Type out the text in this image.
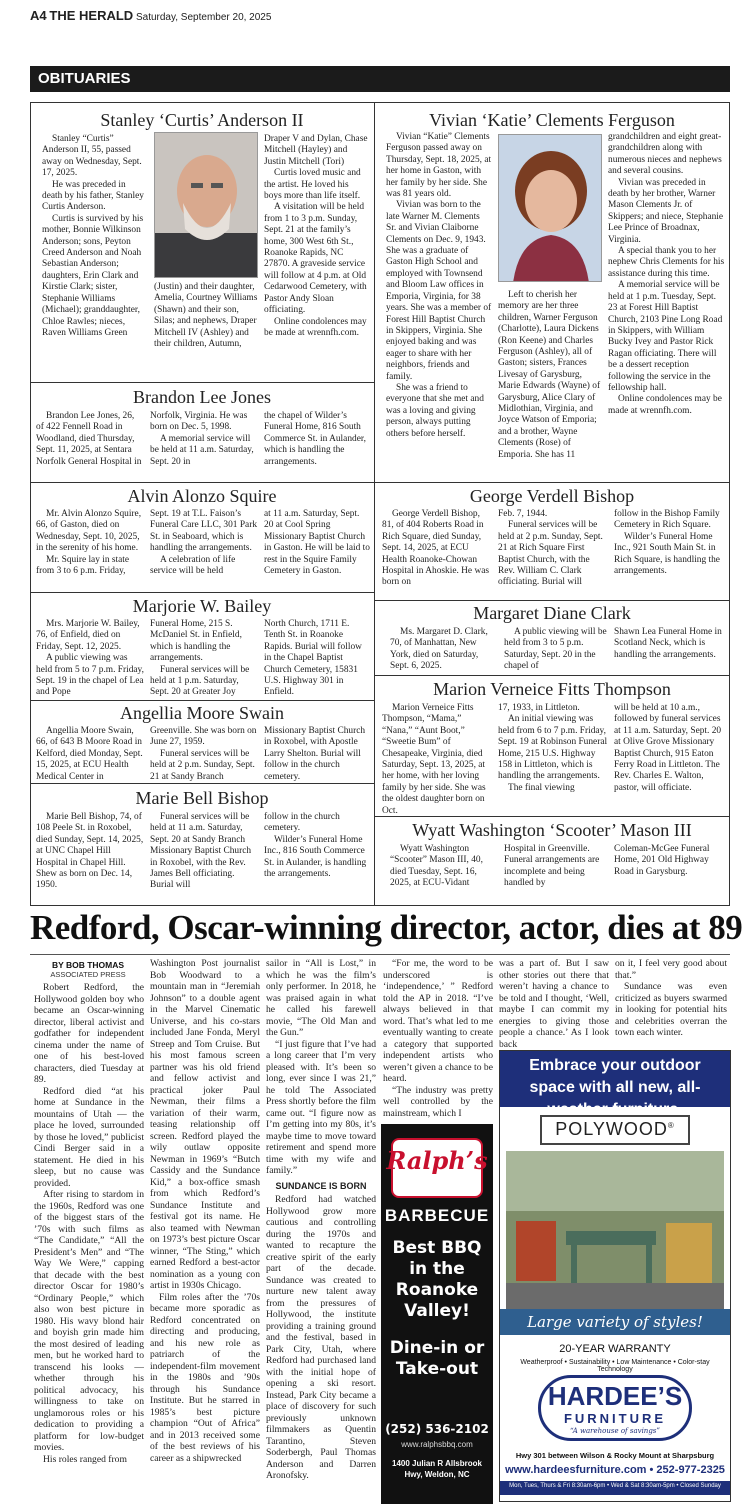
A4 THE HERALD Saturday, September 20, 2025
OBITUARIES
Stanley ‘Curtis’ Anderson II

Stanley “Curtis” Anderson II, 55, passed away on Wednesday, Sept. 17, 2025.

He was preceded in death by his father, Stanley Curtis Anderson.

Curtis is survived by his mother, Bonnie Wilkinson Anderson; sons, Peyton Creed Anderson and Noah Sebastian Anderson; daughters, Erin Clark and Kirstie Clark; sister, Stephanie Williams (Michael); granddaughter, Chloe Rawles; nieces, Raven Williams Green

(Justin) and their daughter, Amelia, Courtney Williams (Shawn) and their son, Silas; and nephews, Draper Mitchell IV (Ashley) and their children, Autumn,

Draper V and Dylan, Chase Mitchell (Hayley) and Justin Mitchell (Tori)

Curtis loved music and the artist. He loved his boys more than life itself.

A visitation will be held from 1 to 3 p.m. Sunday, Sept. 21 at the family’s home, 300 West 6th St., Roanoke Rapids, NC 27870. A graveside service will follow at 4 p.m. at Old Cedarwood Cemetery, with Pastor Andy Sloan officiating.

Online condolences may be made at wrennfh.com.

Brandon Lee Jones

Brandon Lee Jones, 26, of 422 Fennell Road in Woodland, died Thursday, Sept. 11, 2025, at Sentara Norfolk General Hospital in

Norfolk, Virginia. He was born on Dec. 5, 1998.

A memorial service will be held at 11 a.m. Saturday, Sept. 20 in

the chapel of Wilder’s Funeral Home, 816 South Commerce St. in Aulander, which is handling the arrangements.

Alvin Alonzo Squire

Mr. Alvin Alonzo Squire, 66, of Gaston, died on Wednesday, Sept. 10, 2025, in the serenity of his home.

Mr. Squire lay in state from 3 to 6 p.m. Friday,

Sept. 19 at T.L. Faison’s Funeral Care LLC, 301 Park St. in Seaboard, which is handling the arrangements.

A celebration of life service will be held

at 11 a.m. Saturday, Sept. 20 at Cool Spring Missionary Baptist Church in Gaston. He will be laid to rest in the Squire Family Cemetery in Gaston.

Marjorie W. Bailey

Mrs. Marjorie W. Bailey, 76, of Enfield, died on Friday, Sept. 12, 2025.

A public viewing was held from 5 to 7 p.m. Friday, Sept. 19 in the chapel of Lea and Pope

Funeral Home, 215 S. McDaniel St. in Enfield, which is handling the arrangements.

Funeral services will be held at 1 p.m. Saturday, Sept. 20 at Greater Joy

North Church, 1711 E. Tenth St. in Roanoke Rapids. Burial will follow in the Chapel Baptist Church Cemetery, 15831 U.S. Highway 301 in Enfield.

Angellia Moore Swain

Angellia Moore Swain, 66, of 643 B Moore Road in Kelford, died Monday, Sept. 15, 2025, at ECU Health Medical Center in

Greenville. She was born on June 27, 1959.

Funeral services will be held at 2 p.m. Sunday, Sept. 21 at Sandy Branch

Missionary Baptist Church in Roxobel, with Apostle Larry Shelton. Burial will follow in the church cemetery.

Marie Bell Bishop

Marie Bell Bishop, 74, of 108 Peele St. in Roxobel, died Sunday, Sept. 14, 2025, at UNC Chapel Hill Hospital in Chapel Hill. Shew as born on Dec. 14, 1950.

Funeral services will be held at 11 a.m. Saturday, Sept. 20 at Sandy Branch Missionary Baptist Church in Roxobel, with the Rev. James Bell officiating. Burial will

follow in the church cemetery.

Wilder’s Funeral Home Inc., 816 South Commerce St. in Aulander, is handling the arrangements.

Vivian ‘Katie’ Clements Ferguson

Vivian “Katie” Clements Ferguson passed away on Thursday, Sept. 18, 2025, at her home in Gaston, with her family by her side. She was 81 years old.

Vivian was born to the late Warner M. Clements Sr. and Vivian Claiborne Clements on Dec. 9, 1943. She was a graduate of Gaston High School and employed with Townsend and Bloom Law offices in Emporia, Virginia, for 38 years. She was a member of Forest Hill Baptist Church in Skippers, Virginia. She enjoyed baking and was eager to share with her neighbors, friends and family.

She was a friend to everyone that she met and was a loving and giving person, always putting others before herself.

Left to cherish her memory are her three children, Warner Ferguson (Charlotte), Laura Dickens (Ron Keene) and Charles Ferguson (Ashley), all of Gaston; sisters, Frances Livesay of Garysburg, Marie Edwards (Wayne) of Garysburg, Alice Clary of Midlothian, Virginia, and Joyce Watson of Emporia; and a brother, Wayne Clements (Rose) of Emporia. She has 11

grandchildren and eight great-grandchildren along with numerous nieces and nephews and several cousins.

Vivian was preceded in death by her brother, Warner Mason Clements Jr. of Skippers; and niece, Stephanie Lee Prince of Broadnax, Virginia.

A special thank you to her nephew Chris Clements for his assistance during this time.

A memorial service will be held at 1 p.m. Tuesday, Sept. 23 at Forest Hill Baptist Church, 2103 Pine Long Road in Skippers, with William Bucky Ivey and Pastor Rick Ragan officiating. There will be a dessert reception following the service in the fellowship hall.

Online condolences may be made at wrennfh.com.

George Verdell Bishop

George Verdell Bishop, 81, of 404 Roberts Road in Rich Square, died Sunday, Sept. 14, 2025, at ECU Health Roanoke-Chowan Hospital in Ahoskie. He was born on

Feb. 7, 1944.

Funeral services will be held at 2 p.m. Sunday, Sept. 21 at Rich Square First Baptist Church, with the Rev. William C. Clark officiating. Burial will

follow in the Bishop Family Cemetery in Rich Square.

Wilder’s Funeral Home Inc., 921 South Main St. in Rich Square, is handling the arrangements.

Margaret Diane Clark

Ms. Margaret D. Clark, 70, of Manhattan, New York, died on Saturday, Sept. 6, 2025.

A public viewing will be held from 3 to 5 p.m. Saturday, Sept. 20 in the chapel of

Shawn Lea Funeral Home in Scotland Neck, which is handling the arrangements.

Marion Verneice Fitts Thompson

Marion Verneice Fitts Thompson, “Mama,” “Nana,” “Aunt Boot,” “Sweetie Bum” of Chesapeake, Virginia, died Saturday, Sept. 13, 2025, at her home, with her loving family by her side. She was the oldest daughter born on Oct.

17, 1933, in Littleton.

An initial viewing was held from 6 to 7 p.m. Friday, Sept. 19 at Robinson Funeral Home, 215 U.S. Highway 158 in Littleton, which is handling the arrangements.

The final viewing

will be held at 10 a.m., followed by funeral services at 11 a.m. Saturday, Sept. 20 at Olive Grove Missionary Baptist Church, 915 Eaton Ferry Road in Littleton. The Rev. Charles E. Walton, pastor, will officiate.

Wyatt Washington ‘Scooter’ Mason III

Wyatt Washington “Scooter” Mason III, 40, died Tuesday, Sept. 16, 2025, at ECU-Vidant

Hospital in Greenville. Funeral arrangements are incomplete and being handled by

Coleman-McGee Funeral Home, 201 Old Highway Road in Garysburg.

Redford, Oscar-winning director, actor, dies at 89
BY BOB THOMAS
ASSOCIATED PRESS

Robert Redford, the Hollywood golden boy who became an Oscar-winning director, liberal activist and godfather for independent cinema under the name of one of his best-loved characters, died Tuesday at 89.

Redford died “at his home at Sundance in the mountains of Utah — the place he loved, surrounded by those he loved,” publicist Cindi Berger said in a statement. He died in his sleep, but no cause was provided.

After rising to stardom in the 1960s, Redford was one of the biggest stars of the ’70s with such films as “The Candidate,” “All the President’s Men” and “The Way We Were,” capping that decade with the best director Oscar for 1980’s “Ordinary People,” which also won best picture in 1980. His wavy blond hair and boyish grin made him the most desired of leading men, but he worked hard to transcend his looks — whether through his political advocacy, his willingness to take on unglamorous roles or his dedication to providing a platform for low-budget movies.

His roles ranged from

Washington Post journalist Bob Woodward to a mountain man in “Jeremiah Johnson” to a double agent in the Marvel Cinematic Universe, and his co-stars included Jane Fonda, Meryl Streep and Tom Cruise. But his most famous screen partner was his old friend and fellow activist and practical joker Paul Newman, their films a variation of their warm, teasing relationship off screen. Redford played the wily outlaw opposite Newman in 1969’s “Butch Cassidy and the Sundance Kid,” a box-office smash from which Redford’s Sundance Institute and festival got its name. He also teamed with Newman on 1973’s best picture Oscar winner, “The Sting,” which earned Redford a best-actor nomination as a young con artist in 1930s Chicago.

Film roles after the ’70s became more sporadic as Redford concentrated on directing and producing, and his new role as patriarch of the independent-film movement in the 1980s and ’90s through his Sundance Institute. But he starred in 1985’s best picture champion “Out of Africa” and in 2013 received some of the best reviews of his career as a shipwrecked

sailor in “All is Lost,” in which he was the film’s only performer. In 2018, he was praised again in what he called his farewell movie, “The Old Man and the Gun.”

“I just figure that I’ve had a long career that I’m very pleased with. It’s been so long, ever since I was 21,” he told The Associated Press shortly before the film came out. “I figure now as I’m getting into my 80s, it’s maybe time to move toward retirement and spend more time with my wife and family.”

SUNDANCE IS BORN

Redford had watched Hollywood grow more cautious and controlling during the 1970s and wanted to recapture the creative spirit of the early part of the decade. Sundance was created to nurture new talent away from the pressures of Hollywood, the institute providing a training ground and the festival, based in Park City, Utah, where Redford had purchased land with the initial hope of opening a ski resort. Instead, Park City became a place of discovery for such previously unknown filmmakers as Quentin Tarantino, Steven Soderbergh, Paul Thomas Anderson and Darren Aronofsky.

“For me, the word to be underscored is ‘independence,’ ” Redford told the AP in 2018. “I’ve always believed in that word. That’s what led to me eventually wanting to create a category that supported independent artists who weren’t given a chance to be heard.

“The industry was pretty well controlled by the mainstream, which I

was a part of. But I saw other stories out there that weren’t having a chance to be told and I thought, ‘Well, maybe I can commit my energies to giving those people a chance.’ As I look back

on it, I feel very good about that.”

Sundance was even criticized as buyers swarmed in looking for potential hits and celebrities overran the town each winter.

Ralph’s
BARBECUE
Best BBQ in the Roanoke Valley!
Dine-in or Take-out
(252) 536-2102
www.ralphsbbq.com
1400 Julian R Allsbrook Hwy, Weldon, NC
Embrace your outdoor space with all new, all-weather furniture.
POLYWOOD®
Large variety of styles!
20-YEAR WARRANTY
Weatherproof • Sustainability • Low Maintenance • Color-stay Technology
HARDEE’S
FURNITURE
“A warehouse of savings”
Hwy 301 between Wilson & Rocky Mount at Sharpsburg
www.hardeesfurniture.com • 252-977-2325
Mon, Tues, Thurs & Fri 8:30am-6pm • Wed & Sat 8:30am-5pm • Closed Sunday
